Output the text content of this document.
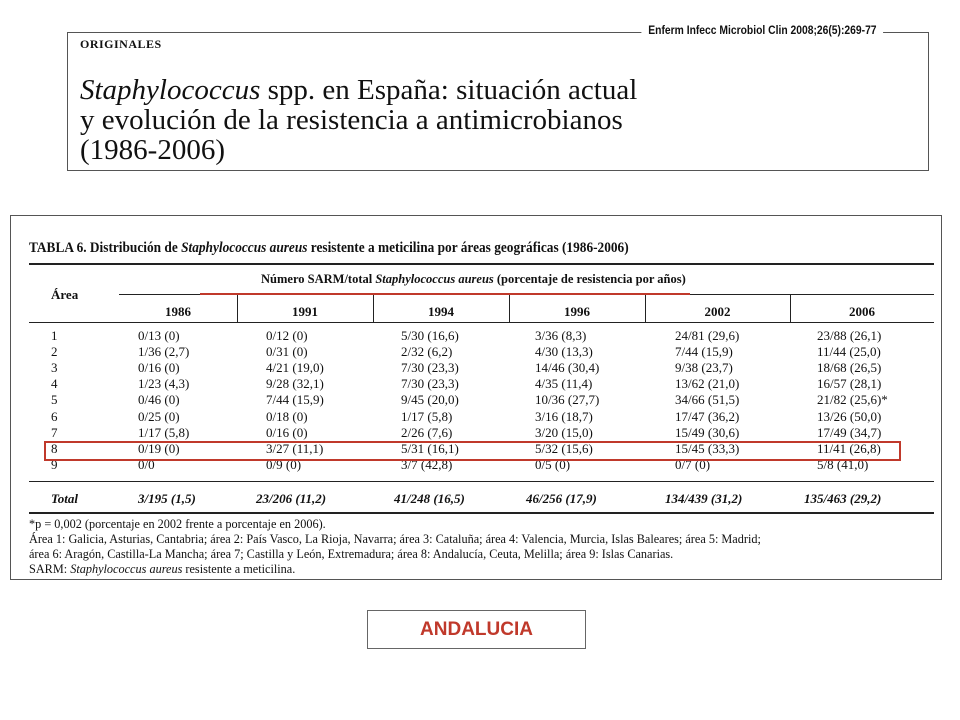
ORIGINALES
Enferm Infecc Microbiol Clin 2008;26(5):269-77
Staphylococcus spp. en España: situación actual
y evolución de la resistencia a antimicrobianos
(1986-2006)
TABLA 6. Distribución de Staphylococcus aureus resistente a meticilina por áreas geográficas (1986-2006)
Área
Número SARM/total Staphylococcus aureus (porcentaje de resistencia por años)
1986	1991	1994	1996	2002	2006
1	0/13 (0)	0/12 (0)	5/30 (16,6)	3/36 (8,3)	24/81 (29,6)	23/88 (26,1)
2	1/36 (2,7)	0/31 (0)	2/32 (6,2)	4/30 (13,3)	7/44 (15,9)	11/44 (25,0)
3	0/16 (0)	4/21 (19,0)	7/30 (23,3)	14/46 (30,4)	9/38 (23,7)	18/68 (26,5)
4	1/23 (4,3)	9/28 (32,1)	7/30 (23,3)	4/35 (11,4)	13/62 (21,0)	16/57 (28,1)
5	0/46 (0)	7/44 (15,9)	9/45 (20,0)	10/36 (27,7)	34/66 (51,5)	21/82 (25,6)*
6	0/25 (0)	0/18 (0)	1/17 (5,8)	3/16 (18,7)	17/47 (36,2)	13/26 (50,0)
7	1/17 (5,8)	0/16 (0)	2/26 (7,6)	3/20 (15,0)	15/49 (30,6)	17/49 (34,7)
8	0/19 (0)	3/27 (11,1)	5/31 (16,1)	5/32 (15,6)	15/45 (33,3)	11/41 (26,8)
9	0/0	0/9 (0)	3/7 (42,8)	0/5 (0)	0/7 (0)	5/8 (41,0)
Total	3/195 (1,5)	23/206 (11,2)	41/248 (16,5)	46/256 (17,9)	134/439 (31,2)	135/463 (29,2)
*p = 0,002 (porcentaje en 2002 frente a porcentaje en 2006).
Área 1: Galicia, Asturias, Cantabria; área 2: País Vasco, La Rioja, Navarra; área 3: Cataluña; área 4: Valencia, Murcia, Islas Baleares; área 5: Madrid;
área 6: Aragón, Castilla-La Mancha; área 7; Castilla y León, Extremadura; área 8: Andalucía, Ceuta, Melilla; área 9: Islas Canarias.
SARM: Staphylococcus aureus resistente a meticilina.
ANDALUCIA
